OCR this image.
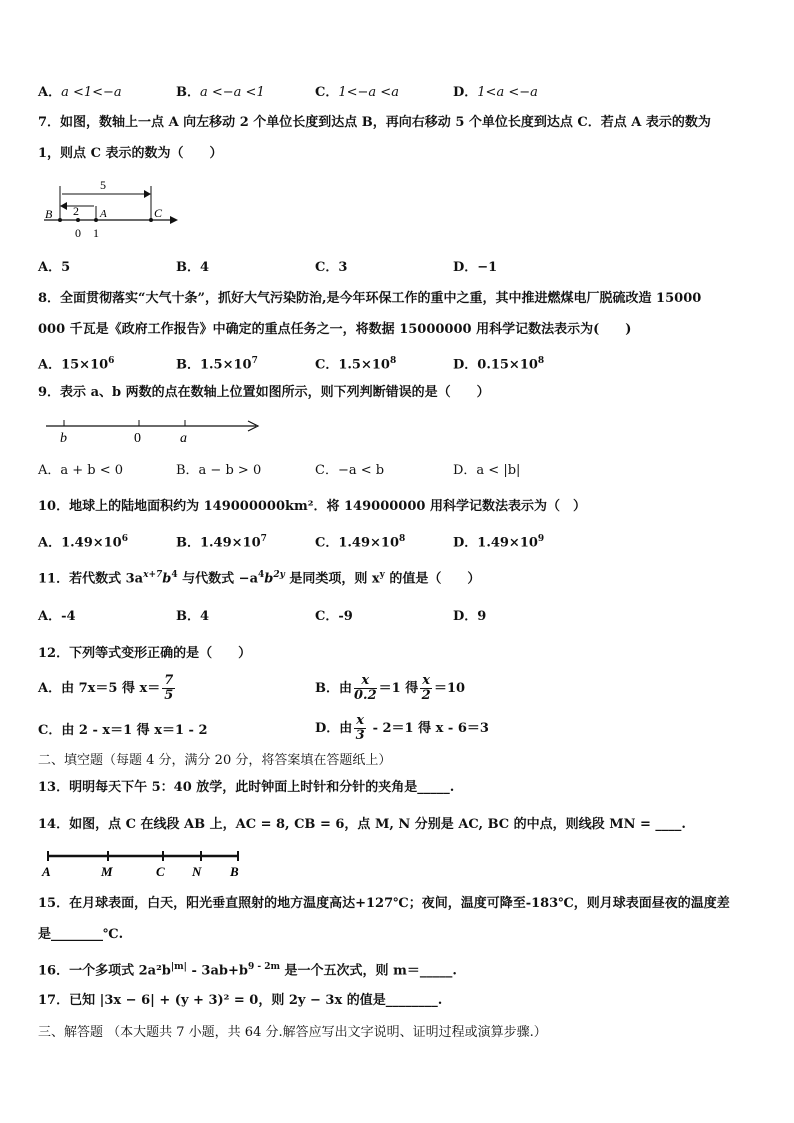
A．a <1<−a	B．a <−a <1	C．1<−a <a	D．1<a <−a
7．如图，数轴上一点 A 向左移动 2 个单位长度到达点 B，再向右移动 5 个单位长度到达点 C．若点 A 表示的数为
1，则点 C 表示的数为（　　）
5
2
B	A	C
0 1
A．5	B．4	C．3	D．−1
8．全面贯彻落实“大气十条”，抓好大气污染防治,是今年环保工作的重中之重，其中推进燃煤电厂脱硫改造 15000
000 千瓦是《政府工作报告》中确定的重点任务之一，将数据 15000000 用科学记数法表示为(　　)
A．$15\times 10^6$	B．$1.5\times 10^7$	C．$1.5\times 10^8$	D．$0.15\times 10^8$
9．表示 a、b 两数的点在数轴上位置如图所示，则下列判断错误的是（　　）
b	0	a
A．a + b < 0	B．a − b > 0	C．−a < b	D．a < |b|
10．地球上的陆地面积约为 149000000km²．将 149000000 用科学记数法表示为（　）
A．$1.49\times 10^6$	B．$1.49\times 10^7$	C．$1.49\times 10^8$	D．$1.49\times 10^9$
11．若代数式 $3a^{x+7}b^4$ 与代数式 $-a^4b^{2y}$ 是同类项，则 $x^y$ 的值是（　　）
A．-4	B．4	C．-9	D．9
12．下列等式变形正确的是（　　）
A．由 7x＝5 得 $x= \frac{7}{5}$	B．由 $\frac{x}{0.2} =1$ 得 $\frac{x}{2} =10$
C．由 2 - x＝1 得 x＝1 - 2	D．由 $\frac{x}{3} - 2=1$ 得 x - 6＝3
二、填空题（每题 4 分，满分 20 分，将答案填在答题纸上）
13．明明每天下午 5：40 放学，此时钟面上时针和分针的夹角是_____.
14．如图，点 C 在线段 AB 上，AC = 8, CB = 6，点 M, N 分别是 AC, BC 的中点，则线段 MN = ____.
A	M	C N B
15．在月球表面，白天，阳光垂直照射的地方温度高达+127℃；夜间，温度可降至-183℃，则月球表面昼夜的温度差
是________℃.
16．一个多项式 $2a^2b^{|m|} - 3ab+b^{9 - 2m}$ 是一个五次式，则 m＝_____.
17．已知 |3x − 6| + (y + 3)² = 0，则 2y − 3x 的值是________.
三、解答题 （本大题共 7 小题，共 64 分.解答应写出文字说明、证明过程或演算步骤.）
